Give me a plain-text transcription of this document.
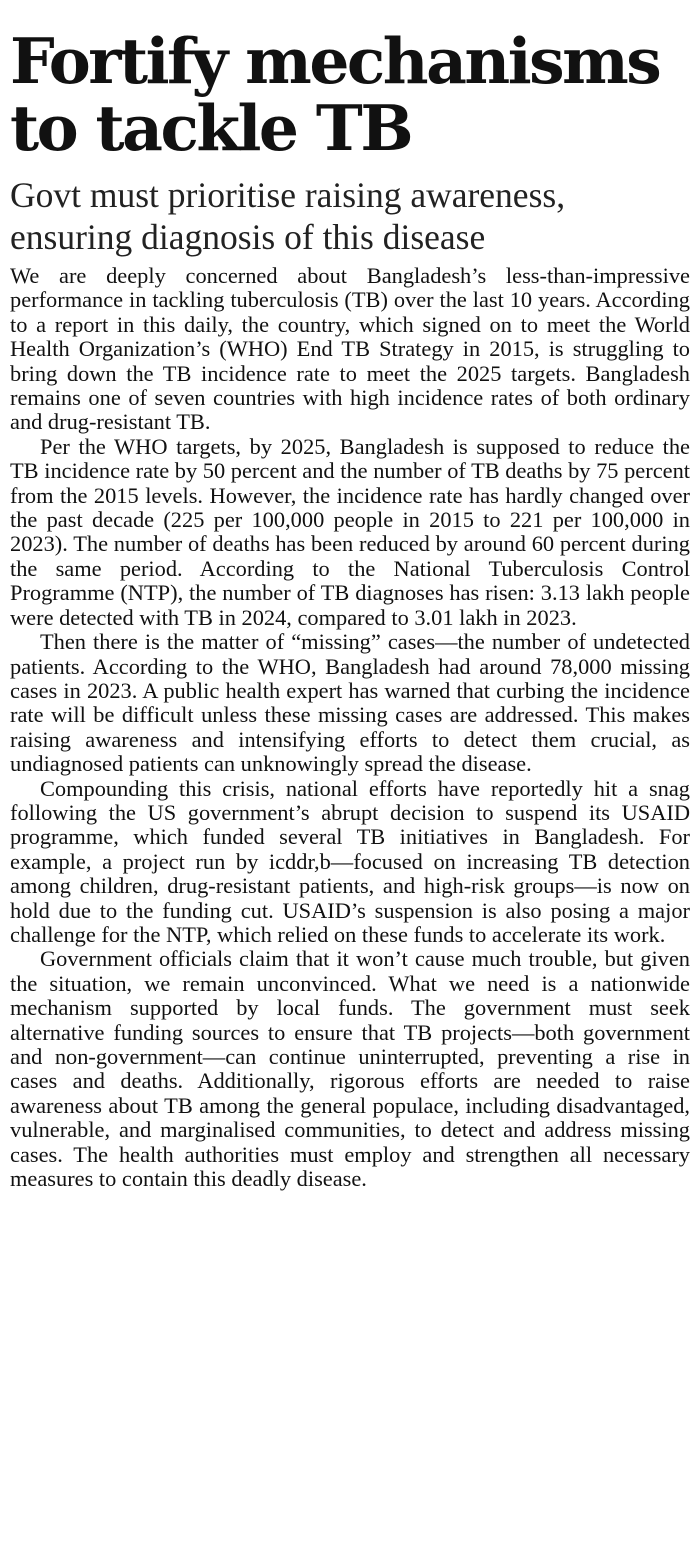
Fortify mechanisms
to tackle TB
Govt must prioritise raising awareness,
ensuring diagnosis of this disease

We are deeply concerned about Bangladesh’s less-than-impressive performance in tackling tuberculosis (TB) over the last 10 years. According to a report in this daily, the country, which signed on to meet the World Health Organization’s (WHO) End TB Strategy in 2015, is struggling to bring down the TB incidence rate to meet the 2025 targets. Bangladesh remains one of seven countries with high incidence rates of both ordinary and drug-resistant TB.

Per the WHO targets, by 2025, Bangladesh is supposed to reduce the TB incidence rate by 50 percent and the number of TB deaths by 75 percent from the 2015 levels. However, the incidence rate has hardly changed over the past decade (225 per 100,000 people in 2015 to 221 per 100,000 in 2023). The number of deaths has been reduced by around 60 percent during the same period. According to the National Tuberculosis Control Programme (NTP), the number of TB diagnoses has risen: 3.13 lakh people were detected with TB in 2024, compared to 3.01 lakh in 2023.

Then there is the matter of “missing” cases—the number of undetected patients. According to the WHO, Bangladesh had around 78,000 missing cases in 2023. A public health expert has warned that curbing the incidence rate will be difficult unless these missing cases are addressed. This makes raising awareness and intensifying efforts to detect them crucial, as undiagnosed patients can unknowingly spread the disease.

Compounding this crisis, national efforts have reportedly hit a snag following the US government’s abrupt decision to suspend its USAID programme, which funded several TB initiatives in Bangladesh. For example, a project run by icddr,b—focused on increasing TB detection among children, drug-resistant patients, and high-risk groups—is now on hold due to the funding cut. USAID’s suspension is also posing a major challenge for the NTP, which relied on these funds to accelerate its work.

Government officials claim that it won’t cause much trouble, but given the situation, we remain unconvinced. What we need is a nationwide mechanism supported by local funds. The government must seek alternative funding sources to ensure that TB projects—both government and non-government—can continue uninterrupted, preventing a rise in cases and deaths. Additionally, rigorous efforts are needed to raise awareness about TB among the general populace, including disadvantaged, vulnerable, and marginalised communities, to detect and address missing cases. The health authorities must employ and strengthen all necessary measures to contain this deadly disease.
